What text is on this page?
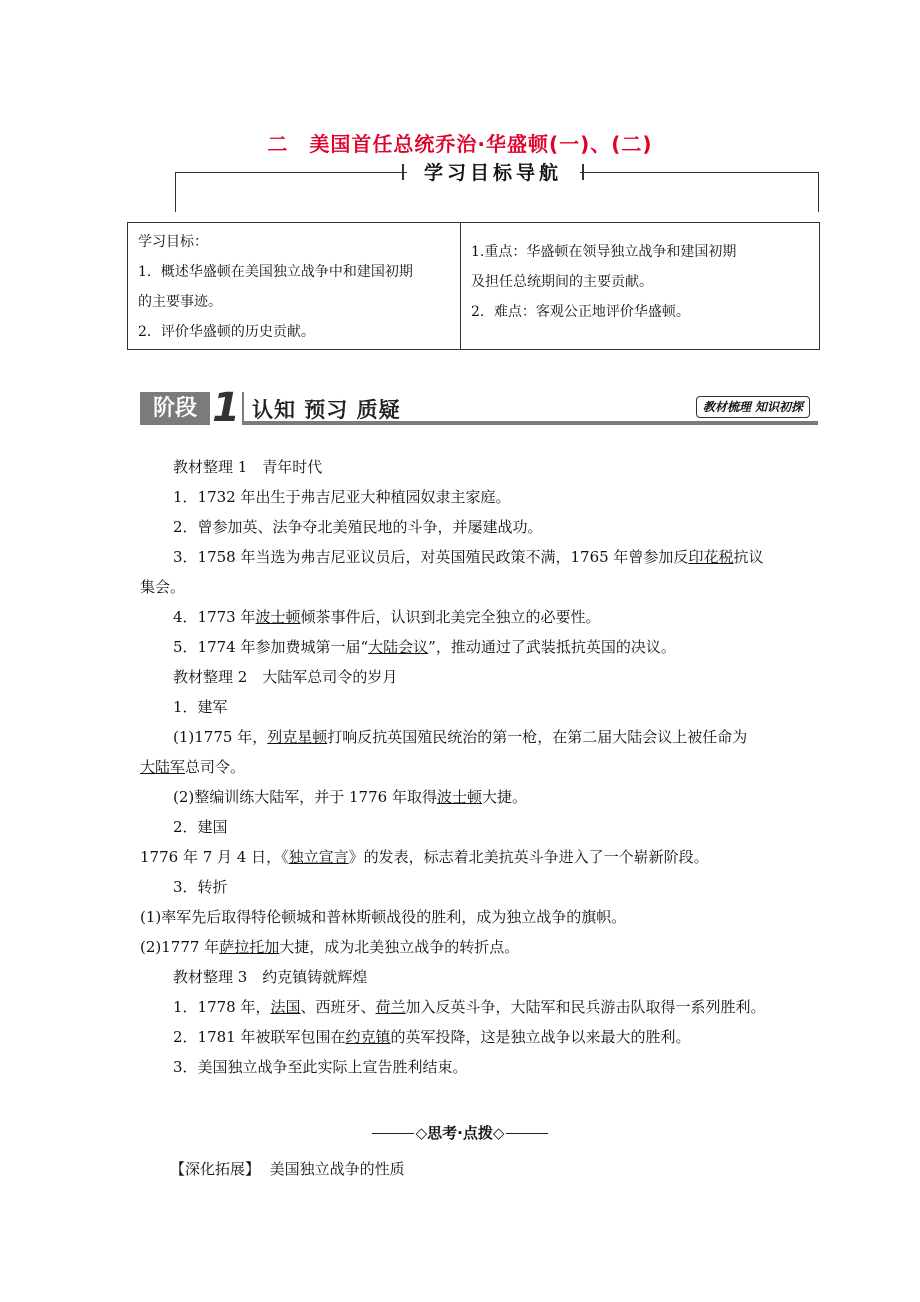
二　美国首任总统乔治·华盛顿(一)、(二)
学习目标导航

学习目标：

1．概述华盛顿在美国独立战争中和建国初期

的主要事迹。

2．评价华盛顿的历史贡献。

1.重点：华盛顿在领导独立战争和建国初期

及担任总统期间的主要贡献。

2．难点：客观公正地评价华盛顿。

阶段 1 认知 预习 质疑	教材梳理 知识初探

教材整理 1　青年时代

1．1732 年出生于弗吉尼亚大种植园奴隶主家庭。

2．曾参加英、法争夺北美殖民地的斗争，并屡建战功。

3．1758 年当选为弗吉尼亚议员后，对英国殖民政策不满，1765 年曾参加反印花税抗议

集会。

4．1773 年波士顿倾茶事件后，认识到北美完全独立的必要性。

5．1774 年参加费城第一届“大陆会议”，推动通过了武装抵抗英国的决议。

教材整理 2　大陆军总司令的岁月

1．建军

(1)1775 年，列克星顿打响反抗英国殖民统治的第一枪，在第二届大陆会议上被任命为

大陆军总司令。

(2)整编训练大陆军，并于 1776 年取得波士顿大捷。

2．建国

1776 年 7 月 4 日，《独立宣言》的发表，标志着北美抗英斗争进入了一个崭新阶段。

3．转折

(1)率军先后取得特伦顿城和普林斯顿战役的胜利，成为独立战争的旗帜。

(2)1777 年萨拉托加大捷，成为北美独立战争的转折点。

教材整理 3　约克镇铸就辉煌

1．1778 年，法国、西班牙、荷兰加入反英斗争，大陆军和民兵游击队取得一系列胜利。

2．1781 年被联军包围在约克镇的英军投降，这是独立战争以来最大的胜利。

3．美国独立战争至此实际上宣告胜利结束。

◇思考·点拨◇
【深化拓展】 美国独立战争的性质
